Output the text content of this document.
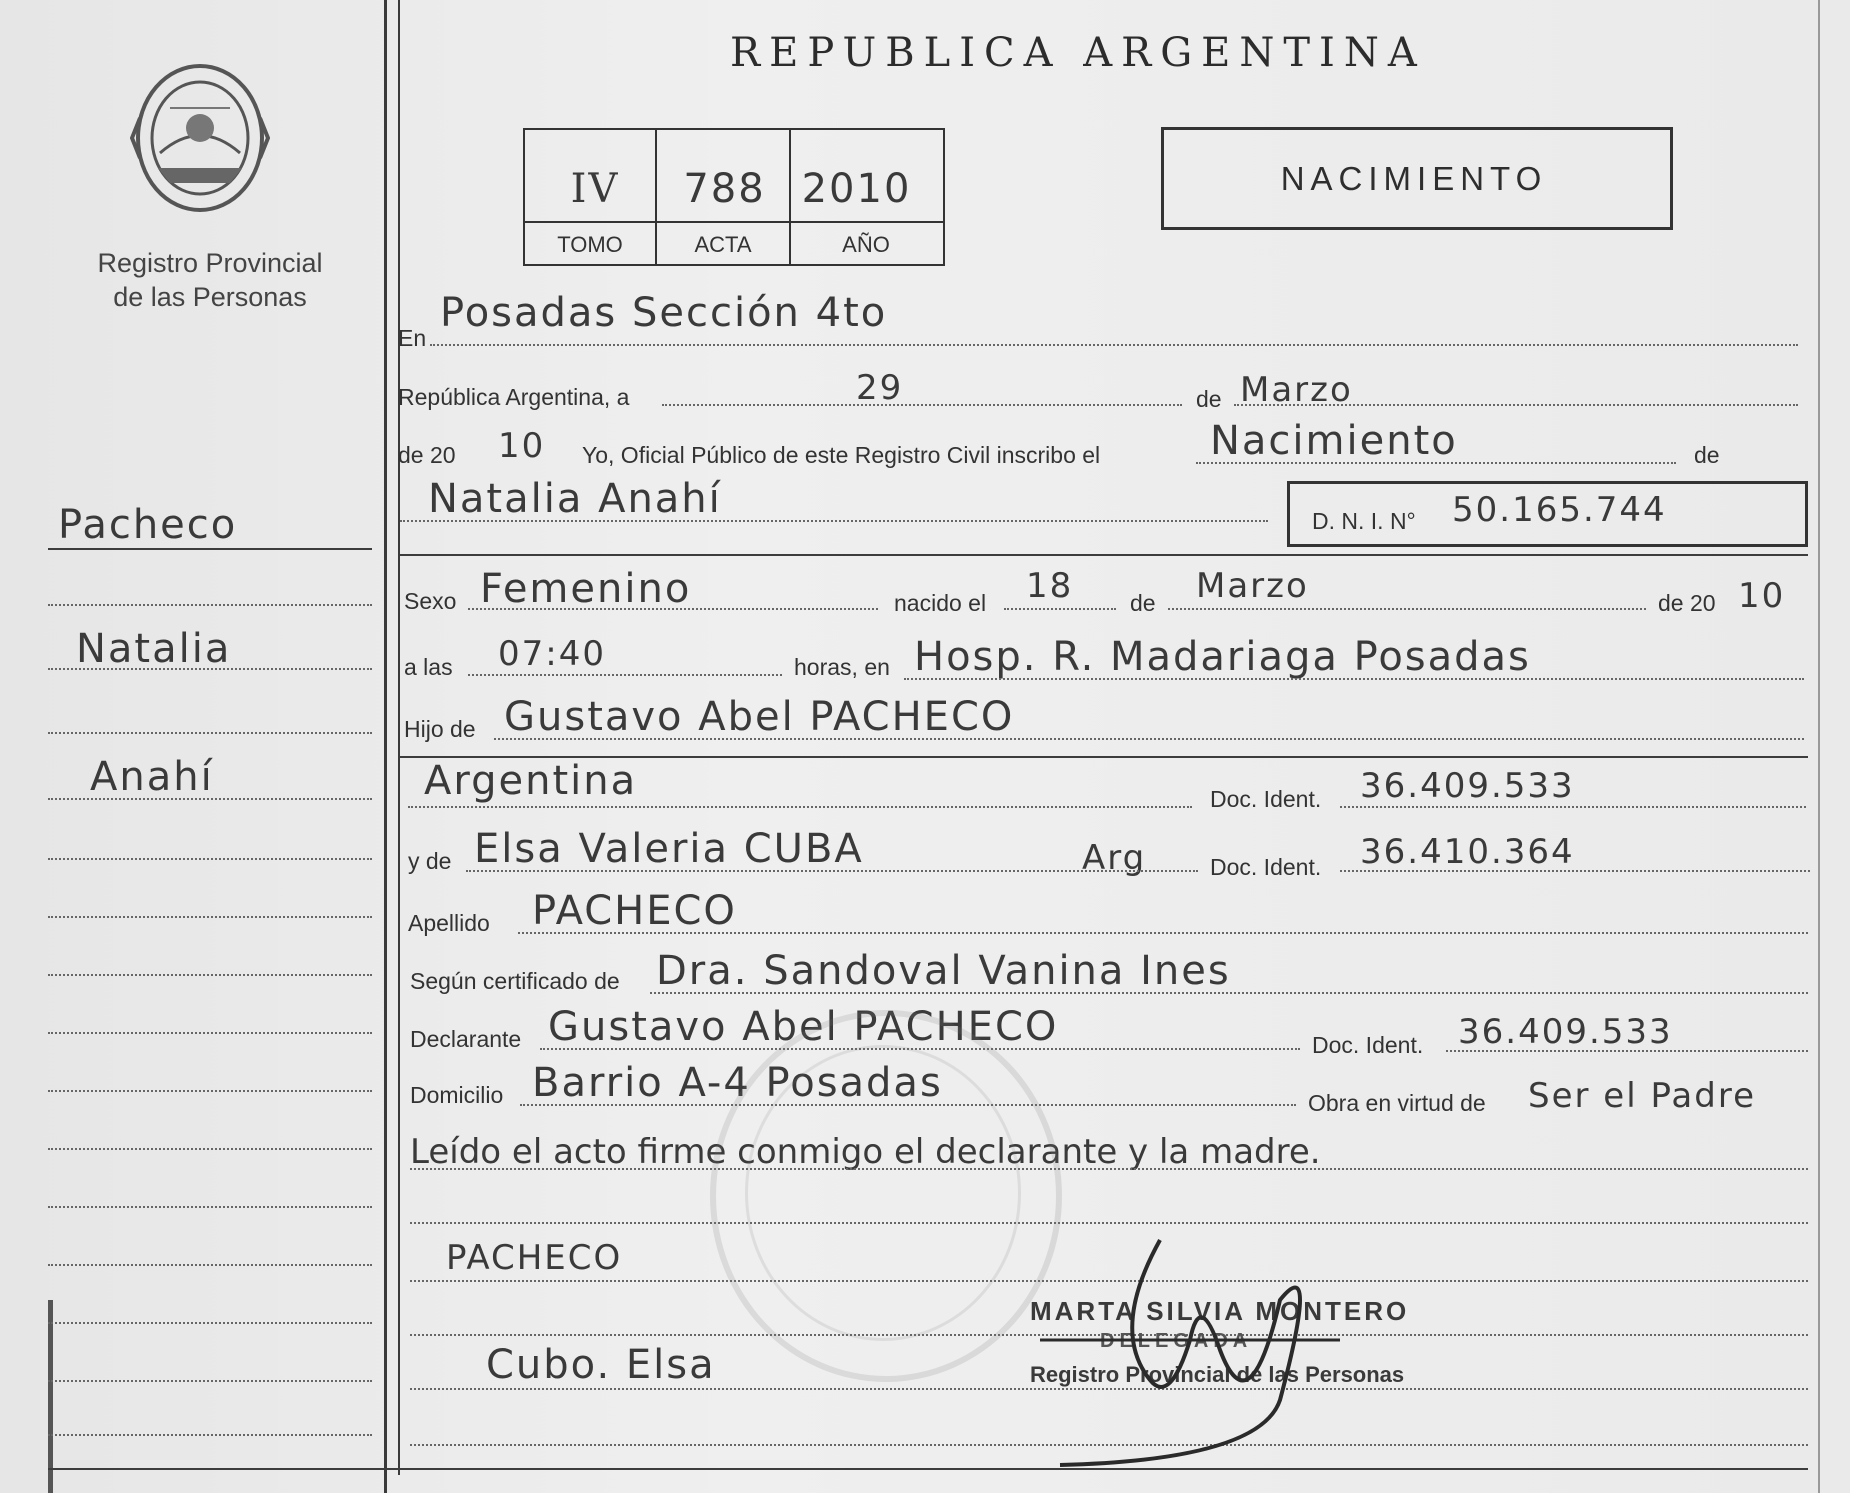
Registro Provincial
de las Personas
REPUBLICA ARGENTINA
IV	788 2010
TOMO	ACTA	AÑO
NACIMIENTO
Pacheco
Natalia
Anahí
En
Posadas Sección 4to
República Argentina, a	29	de Marzo
de 20 10 Yo, Oficial Público de este Registro Civil inscribo el	Nacimiento	de
Natalia Anahí	D. N. I. N° 50.165.744
Sexo Femenino	nacido el 18 de Marzo	de 20 10
a las 07:40	horas, en Hosp. R. Madariaga Posadas
Hijo de Gustavo Abel PACHECO
Argentina	Doc. Ident. 36.409.533
y de Elsa Valeria CUBA	Arg	Doc. Ident. 36.410.364
Apellido PACHECO
Según certificado de Dra. Sandoval Vanina Ines
Declarante Gustavo Abel PACHECO	Doc. Ident. 36.409.533
Domicilio Barrio A-4 Posadas	Obra en virtud de Ser el Padre
Leído el acto firme conmigo el declarante y la madre.
PACHECO
Cubo. Elsa
MARTA SILVIA MONTERO
DELEGADA
Registro Provincial de las Personas
